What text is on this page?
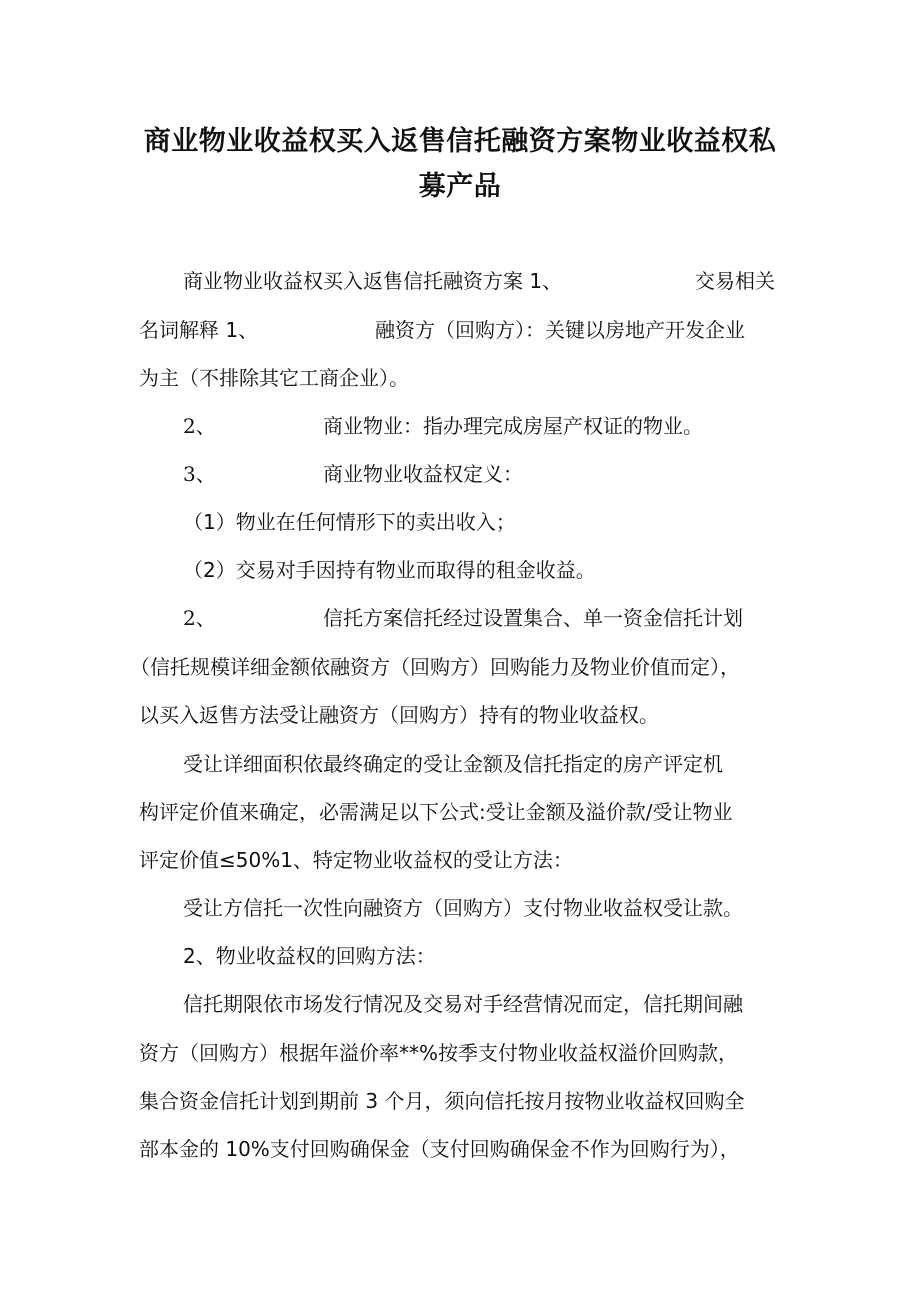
商业物业收益权买入返售信托融资方案物业收益权私
募产品
商业物业收益权买入返售信托融资方案 1、	交易相关
名词解释 1、	融资方（回购方）：关键以房地产开发企业
为主（不排除其它工商企业）。
2、	商业物业：指办理完成房屋产权证的物业。
3、	商业物业收益权定义：
（1）物业在任何情形下的卖出收入；
（2）交易对手因持有物业而取得的租金收益。
2、	信托方案信托经过设置集合、单一资金信托计划
（信托规模详细金额依融资方（回购方）回购能力及物业价值而定），
以买入返售方法受让融资方（回购方）持有的物业收益权。
受让详细面积依最终确定的受让金额及信托指定的房产评定机
构评定价值来确定，必需满足以下公式:受让金额及溢价款/受让物业
评定价值≤50%1、特定物业收益权的受让方法：
受让方信托一次性向融资方（回购方）支付物业收益权受让款。
2、物业收益权的回购方法：
信托期限依市场发行情况及交易对手经营情况而定，信托期间融
资方（回购方）根据年溢价率**%按季支付物业收益权溢价回购款，
集合资金信托计划到期前 3 个月，须向信托按月按物业收益权回购全
部本金的 10%支付回购确保金（支付回购确保金不作为回购行为），
